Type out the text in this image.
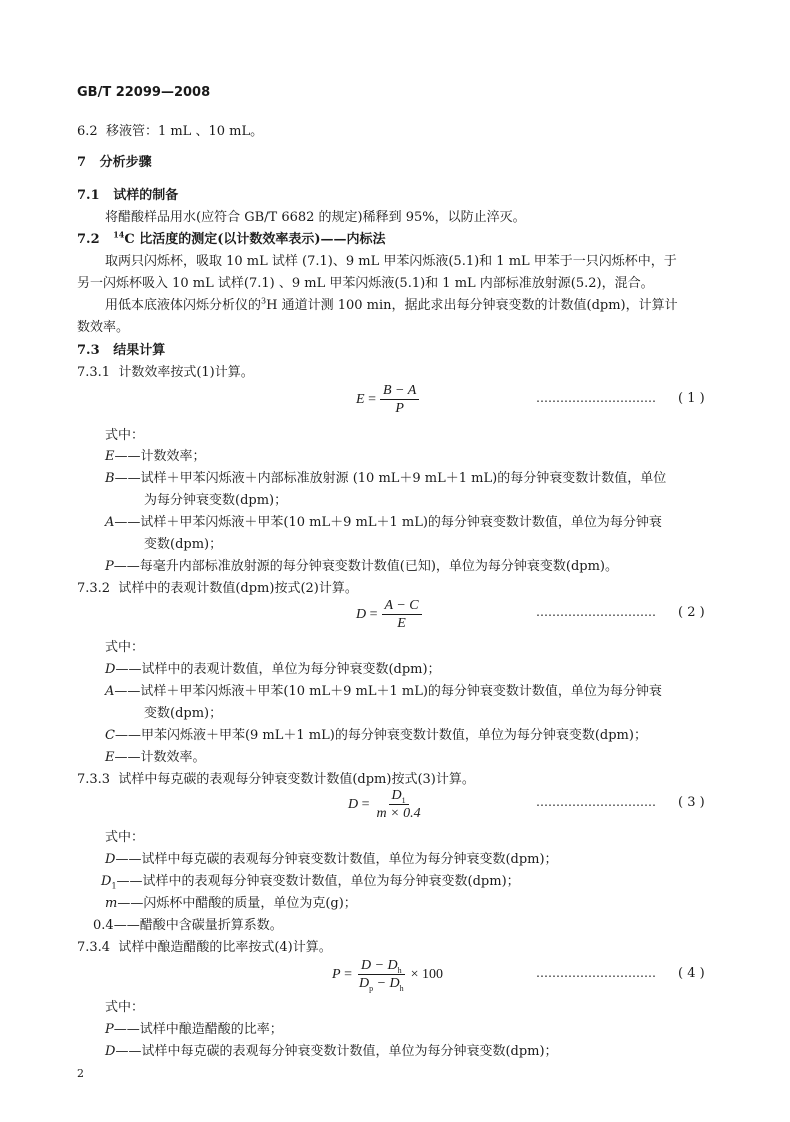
GB/T 22099—2008
6.2 移液管：1 mL 、10 mL。
7 分析步骤
7.1 试样的制备
将醋酸样品用水(应符合 GB/T 6682 的规定)稀释到 95%，以防止淬灭。
7.2 $^{14}$C 比活度的测定(以计数效率表示)——内标法
取两只闪烁杯，吸取 10 mL 试样 (7.1)、9 mL 甲苯闪烁液(5.1)和 1 mL 甲苯于一只闪烁杯中，于
另一闪烁杯吸入 10 mL 试样(7.1) 、9 mL 甲苯闪烁液(5.1)和 1 mL 内部标准放射源(5.2)，混合。
用低本底液体闪烁分析仪的$^3$H 通道计测 100 min，据此求出每分钟衰变数的计数值(dpm)，计算计
数效率。
7.3 结果计算
7.3.1 计数效率按式(1)计算。
$E = \frac{B - A}{P}$	………………………… ( 1 )
式中：
E——计数效率；
B——试样＋甲苯闪烁液＋内部标准放射源 (10 mL＋9 mL＋1 mL)的每分钟衰变数计数值，单位
为每分钟衰变数(dpm)；
A——试样＋甲苯闪烁液＋甲苯(10 mL＋9 mL＋1 mL)的每分钟衰变数计数值，单位为每分钟衰
变数(dpm)；
P——每毫升内部标准放射源的每分钟衰变数计数值(已知)，单位为每分钟衰变数(dpm)。
7.3.2 试样中的表观计数值(dpm)按式(2)计算。
$D = \frac{A - C}{E}$	………………………… ( 2 )
式中：
D——试样中的表观计数值，单位为每分钟衰变数(dpm)；
A——试样＋甲苯闪烁液＋甲苯(10 mL＋9 mL＋1 mL)的每分钟衰变数计数值，单位为每分钟衰
变数(dpm)；
C——甲苯闪烁液＋甲苯(9 mL＋1 mL)的每分钟衰变数计数值，单位为每分钟衰变数(dpm)；
E——计数效率。
7.3.3 试样中每克碳的表观每分钟衰变数计数值(dpm)按式(3)计算。
$D = \frac{D_1}{m \times 0.4}$	………………………… ( 3 )
式中：
D——试样中每克碳的表观每分钟衰变数计数值，单位为每分钟衰变数(dpm)；
$D_1——$试样中的表观每分钟衰变数计数值，单位为每分钟衰变数(dpm)；
m——闪烁杯中醋酸的质量，单位为克(g)；
0.4——醋酸中含碳量折算系数。
7.3.4 试样中酿造醋酸的比率按式(4)计算。
$P = \frac{D - D_h}{D_p - D_h} \times 100$	………………………… ( 4 )
式中：
P——试样中酿造醋酸的比率；
D——试样中每克碳的表观每分钟衰变数计数值，单位为每分钟衰变数(dpm)；
2
